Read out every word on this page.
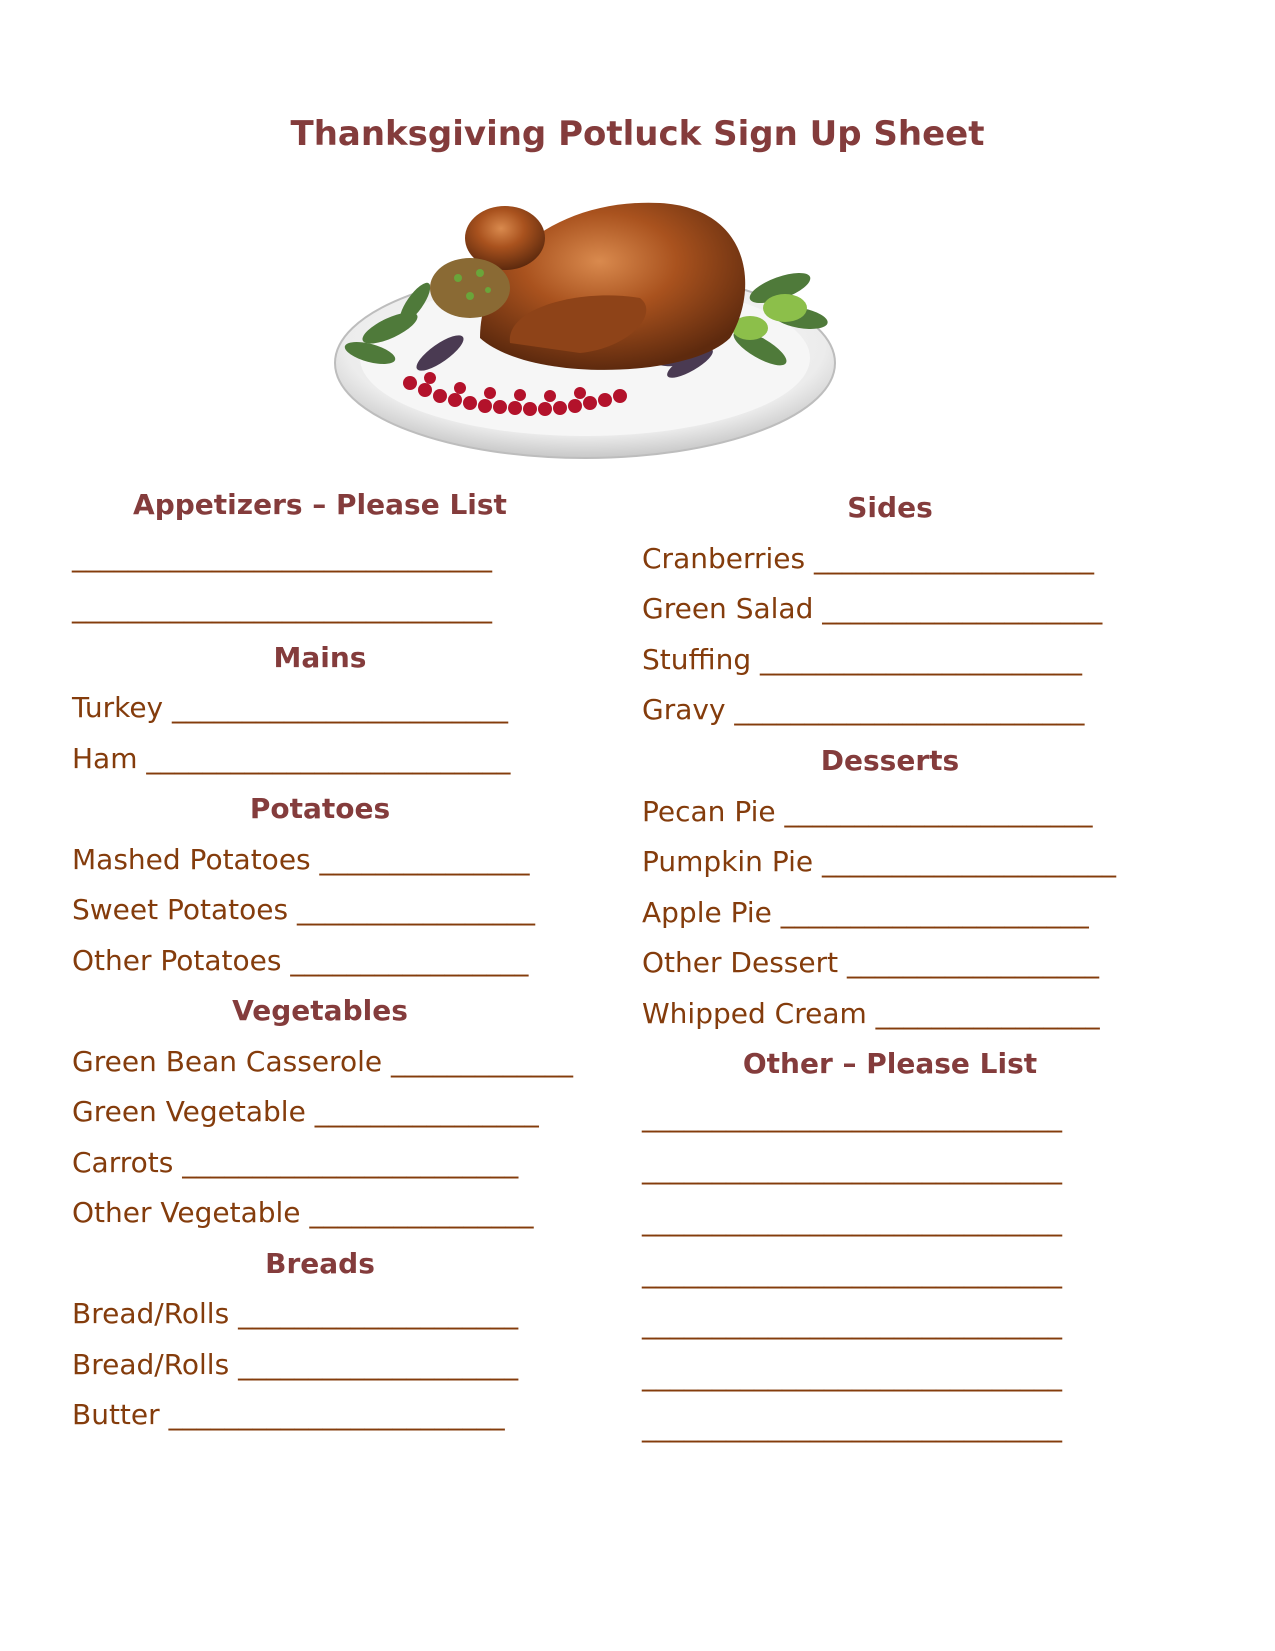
Thanksgiving Potluck Sign Up Sheet
Appetizers – Please List
______________________________
______________________________
Mains
Turkey ________________________
Ham __________________________
Potatoes
Mashed Potatoes _______________
Sweet Potatoes _________________
Other Potatoes _________________
Vegetables
Green Bean Casserole _____________
Green Vegetable ________________
Carrots ________________________
Other Vegetable ________________
Breads
Bread/Rolls ____________________
Bread/Rolls ____________________
Butter ________________________
Sides
Cranberries ____________________
Green Salad ____________________
Stuffing _______________________
Gravy _________________________
Desserts
Pecan Pie ______________________
Pumpkin Pie _____________________
Apple Pie ______________________
Other Dessert __________________
Whipped Cream ________________
Other – Please List
______________________________
______________________________
______________________________
______________________________
______________________________
______________________________
______________________________
